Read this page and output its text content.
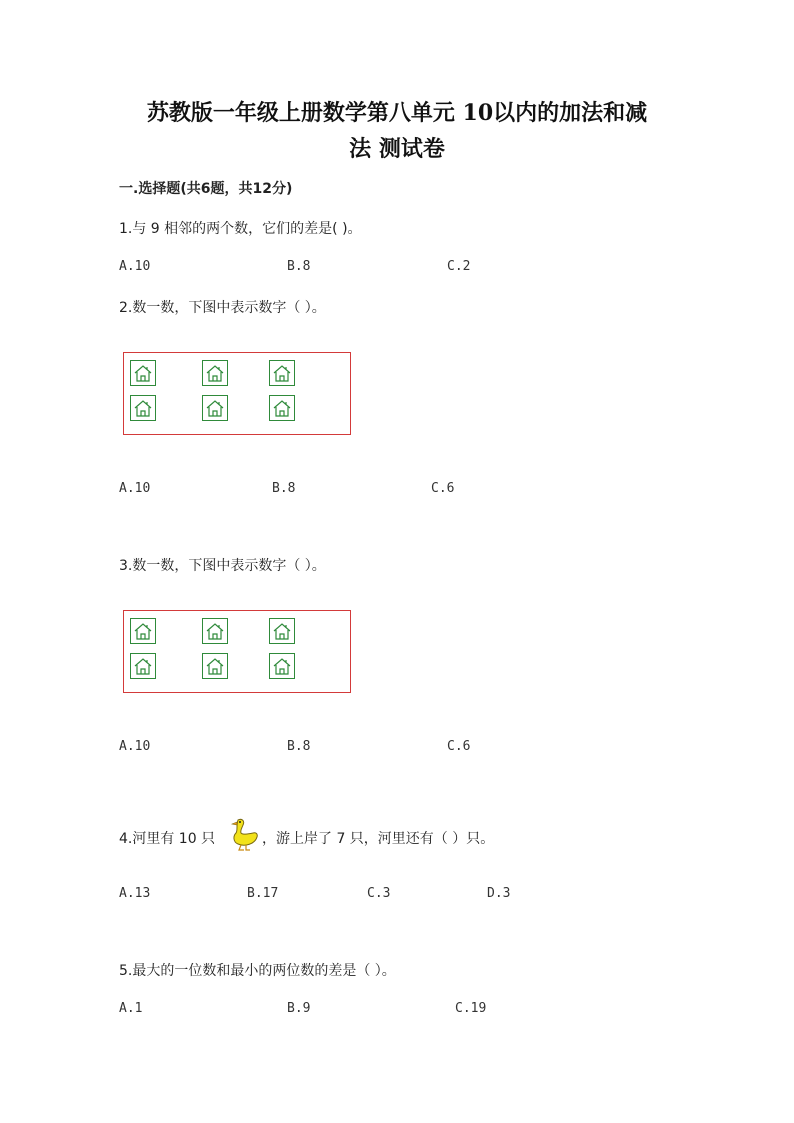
苏教版一年级上册数学第八单元 10以内的加法和减
法 测试卷
一.选择题(共6题，共12分)
1.与 9 相邻的两个数，它们的差是( )。
A.10	B.8	C.2
2.数一数，下图中表示数字（ ）。
A.10	B.8	C.6
3.数一数，下图中表示数字（ ）。
A.10	B.8	C.6
4.河里有 10 只	，游上岸了 7 只，河里还有（ ）只。
A.13	B.17	C.3	D.3
5.最大的一位数和最小的两位数的差是（ ）。
A.1	B.9	C.19
